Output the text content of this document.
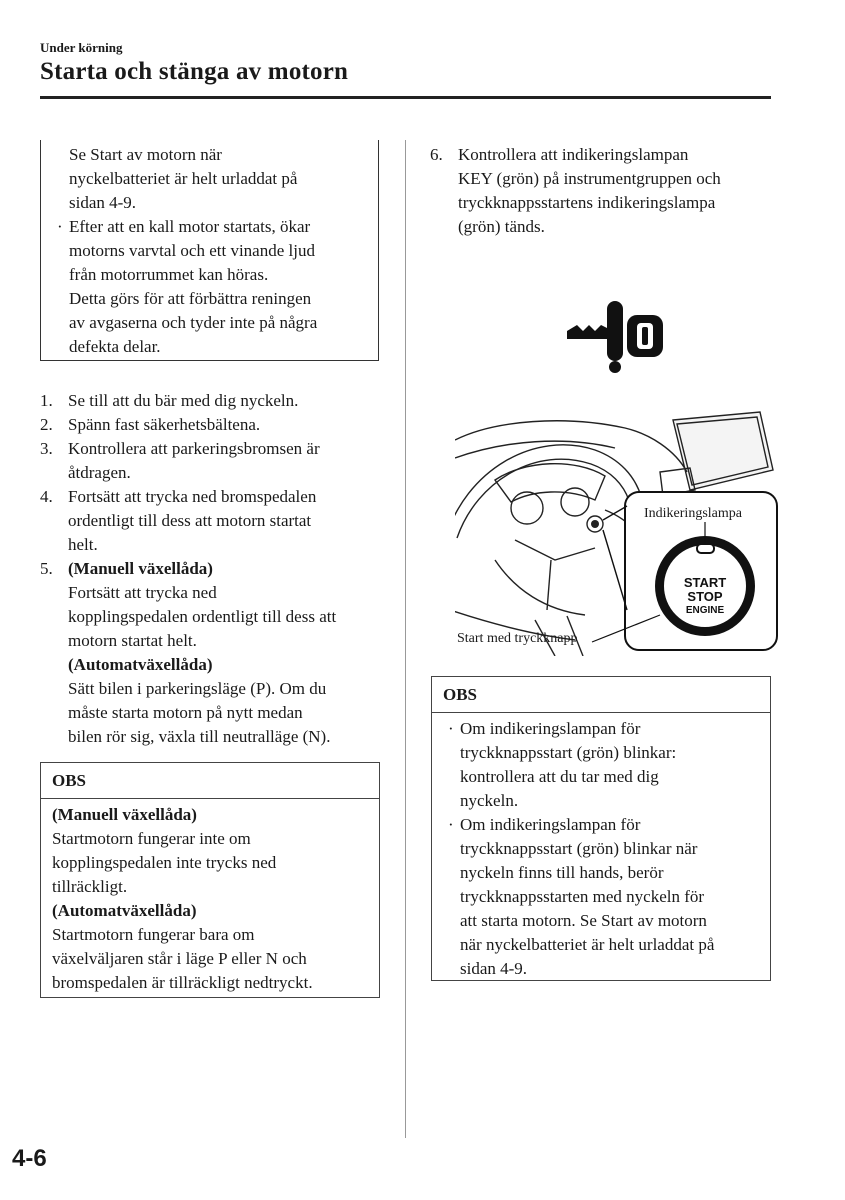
Under körning
Starta och stänga av motorn
Se Start av motorn när
nyckelbatteriet är helt urladdat på
sidan 4-9.
· Efter att en kall motor startats, ökar
motorns varvtal och ett vinande ljud
från motorrummet kan höras.
Detta görs för att förbättra reningen
av avgaserna och tyder inte på några
defekta delar.
1. Se till att du bär med dig nyckeln.
2. Spänn fast säkerhetsbältena.
3. Kontrollera att parkeringsbromsen är
åtdragen.
4. Fortsätt att trycka ned bromspedalen
ordentligt till dess att motorn startat
helt.
5. (Manuell växellåda)
Fortsätt att trycka ned
kopplingspedalen ordentligt till dess att
motorn startat helt.
(Automatväxellåda)
Sätt bilen i parkeringsläge (P). Om du
måste starta motorn på nytt medan
bilen rör sig, växla till neutralläge (N).
OBS
(Manuell växellåda)
Startmotorn fungerar inte om
kopplingspedalen inte trycks ned
tillräckligt.
(Automatväxellåda)
Startmotorn fungerar bara om
växelväljaren står i läge P eller N och
bromspedalen är tillräckligt nedtryckt.
6. Kontrollera att indikeringslampan
KEY (grön) på instrumentgruppen och
tryckknappsstartens indikeringslampa
(grön) tänds.
START
STOP
ENGINE
Indikeringslampa
Start med tryckknapp
OBS
· Om indikeringslampan för
tryckknappsstart (grön) blinkar:
kontrollera att du tar med dig
nyckeln.
· Om indikeringslampan för
tryckknappsstart (grön) blinkar när
nyckeln finns till hands, berör
tryckknappsstarten med nyckeln för
att starta motorn. Se Start av motorn
när nyckelbatteriet är helt urladdat på
sidan 4-9.
4-6
